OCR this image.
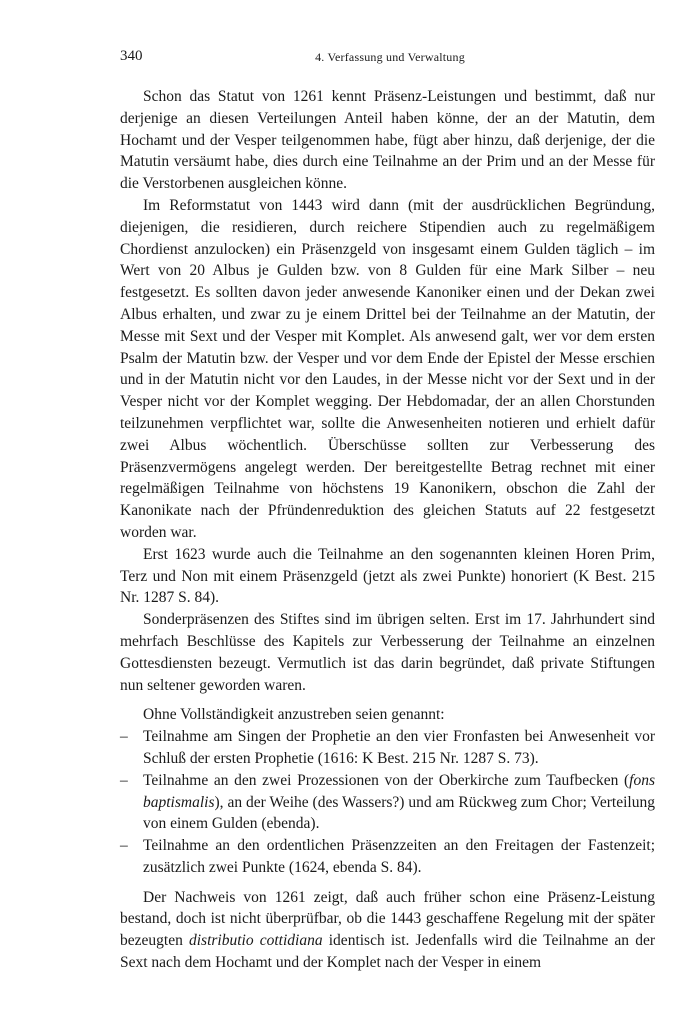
340	4. Verfassung und Verwaltung

Schon das Statut von 1261 kennt Präsenz-Leistungen und bestimmt, daß nur derjenige an diesen Verteilungen Anteil haben könne, der an der Matutin, dem Hochamt und der Vesper teilgenommen habe, fügt aber hinzu, daß derjenige, der die Matutin versäumt habe, dies durch eine Teilnahme an der Prim und an der Messe für die Verstorbenen ausgleichen könne.

Im Reformstatut von 1443 wird dann (mit der ausdrücklichen Begründung, diejenigen, die residieren, durch reichere Stipendien auch zu regelmäßigem Chordienst anzulocken) ein Präsenzgeld von insgesamt einem Gulden täglich – im Wert von 20 Albus je Gulden bzw. von 8 Gulden für eine Mark Silber – neu festgesetzt. Es sollten davon jeder anwesende Kanoniker einen und der Dekan zwei Albus erhalten, und zwar zu je einem Drittel bei der Teilnahme an der Matutin, der Messe mit Sext und der Vesper mit Komplet. Als anwesend galt, wer vor dem ersten Psalm der Matutin bzw. der Vesper und vor dem Ende der Epistel der Messe erschien und in der Matutin nicht vor den Laudes, in der Messe nicht vor der Sext und in der Vesper nicht vor der Komplet wegging. Der Hebdomadar, der an allen Chorstunden teilzunehmen verpflichtet war, sollte die Anwesenheiten notieren und erhielt dafür zwei Albus wöchentlich. Überschüsse sollten zur Verbesserung des Präsenzvermögens angelegt werden. Der bereitgestellte Betrag rechnet mit einer regelmäßigen Teilnahme von höchstens 19 Kanonikern, obschon die Zahl der Kanonikate nach der Pfründenreduktion des gleichen Statuts auf 22 festgesetzt worden war.

Erst 1623 wurde auch die Teilnahme an den sogenannten kleinen Horen Prim, Terz und Non mit einem Präsenzgeld (jetzt als zwei Punkte) honoriert (K Best. 215 Nr. 1287 S. 84).

Sonderpräsenzen des Stiftes sind im übrigen selten. Erst im 17. Jahrhundert sind mehrfach Beschlüsse des Kapitels zur Verbesserung der Teilnahme an einzelnen Gottesdiensten bezeugt. Vermutlich ist das darin begründet, daß private Stiftungen nun seltener geworden waren.

Ohne Vollständigkeit anzustreben seien genannt:

– Teilnahme am Singen der Prophetie an den vier Fronfasten bei Anwesenheit vor Schluß der ersten Prophetie (1616: K Best. 215 Nr. 1287 S. 73).
– Teilnahme an den zwei Prozessionen von der Oberkirche zum Taufbecken (fons baptismalis), an der Weihe (des Wassers?) und am Rückweg zum Chor; Verteilung von einem Gulden (ebenda).
– Teilnahme an den ordentlichen Präsenzzeiten an den Freitagen der Fastenzeit; zusätzlich zwei Punkte (1624, ebenda S. 84).

Der Nachweis von 1261 zeigt, daß auch früher schon eine Präsenz-Leistung bestand, doch ist nicht überprüfbar, ob die 1443 geschaffene Regelung mit der später bezeugten distributio cottidiana identisch ist. Jedenfalls wird die Teilnahme an der Sext nach dem Hochamt und der Komplet nach der Vesper in einem
